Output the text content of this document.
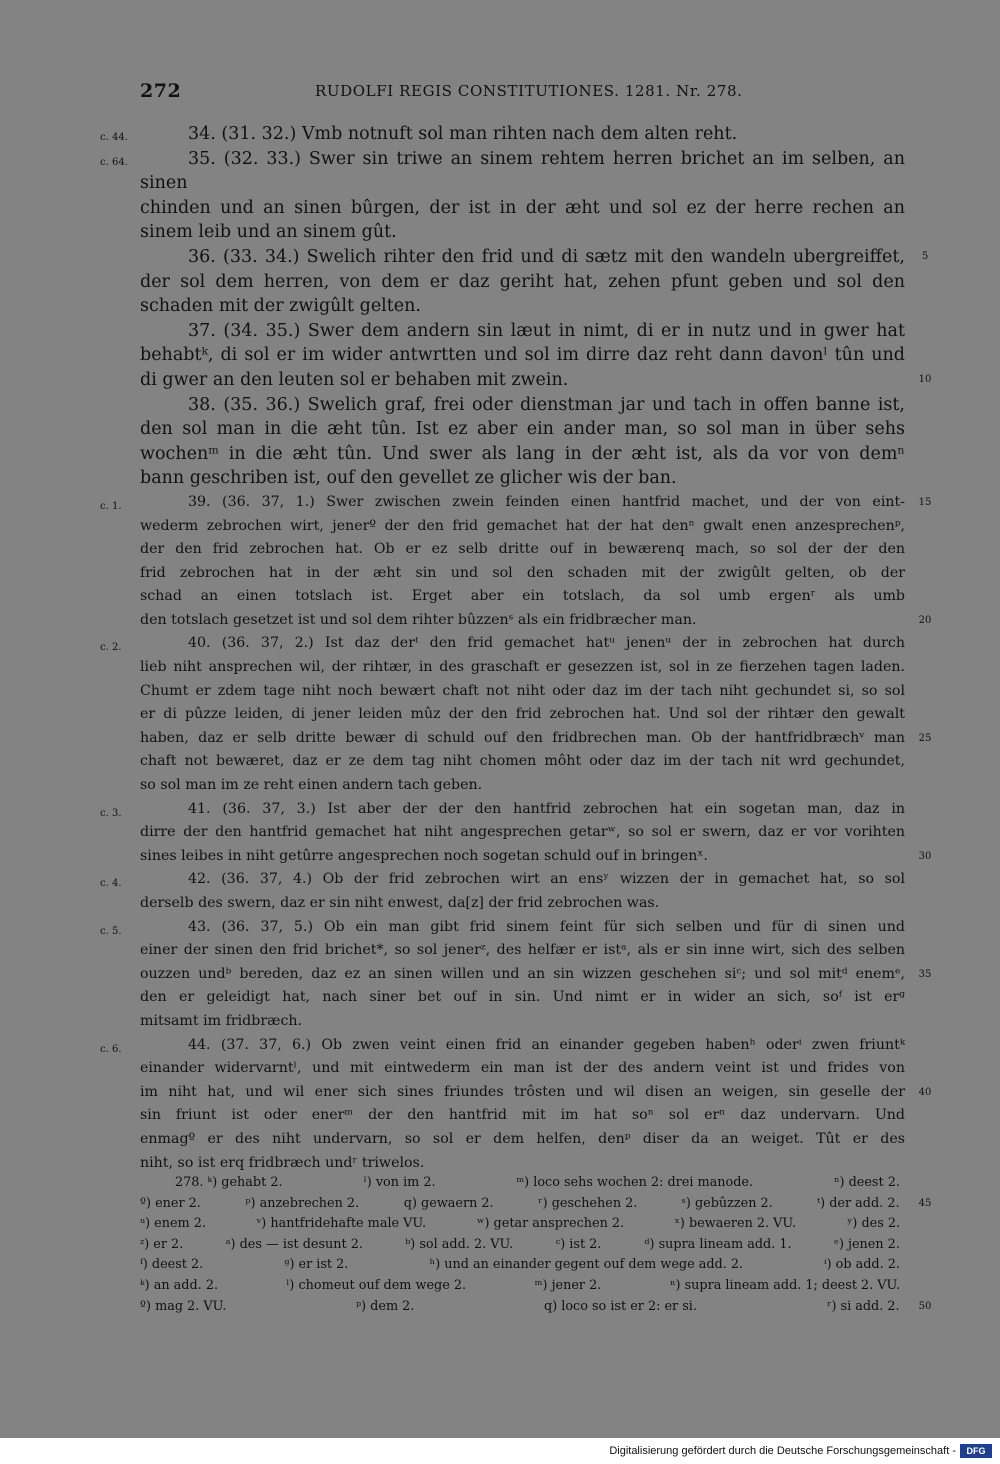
272	RUDOLFI REGIS CONSTITUTIONES. 1281. Nr. 278.
c. 44.	34. (31. 32.) Vmb notnuft sol man rihten nach dem alten reht.
c. 64.	35. (32. 33.) Swer sin triwe an sinem rehtem herren brichet an im selben, an sinen
chinden und an sinen bûrgen, der ist in der æht und sol ez der herre rechen an
sinem leib und an sinem gût.
36. (33. 34.) Swelich rihter den frid und di sætz mit den wandeln ubergreiffet,
der sol dem herren, von dem er daz geriht hat, zehen pfunt geben und sol den
schaden mit der zwigûlt gelten.
37. (34. 35.) Swer dem andern sin læut in nimt, di er in nutz und in gwer hat
behabtᵏ, di sol er im wider antwrtten und sol im dirre daz reht dann davonˡ tûn und
di gwer an den leuten sol er behaben mit zwein.
38. (35. 36.) Swelich graf, frei oder dienstman jar und tach in offen banne ist,
den sol man in die æht tûn. Ist ez aber ein ander man, so sol man in über sehs
wochenᵐ in die æht tûn. Und swer als lang in der æht ist, als da vor von demⁿ
bann geschriben ist, ouf den gevellet ze glicher wis der ban.
c. 1.	39. (36. 37, 1.) Swer zwischen zwein feinden einen hantfrid machet, und der von eint-
wederm zebrochen wirt, jenerº der den frid gemachet hat der hat denⁿ gwalt enen anzesprechenᵖ,
der den frid zebrochen hat. Ob er ez selb dritte ouf in bewærenq mach, so sol der der den
frid zebrochen hat in der æht sin und sol den schaden mit der zwigûlt gelten, ob der
schad an einen totslach ist. Erget aber ein totslach, da sol umb ergenʳ als umb
den totslach gesetzet ist und sol dem rihter bûzzenˢ als ein fridbræcher man.
c. 2.	40. (36. 37, 2.) Ist daz derᵗ den frid gemachet hatᵘ jenenᵘ der in zebrochen hat durch
lieb niht ansprechen wil, der rihtær, in des graschaft er gesezzen ist, sol in ze fierzehen tagen laden.
Chumt er zdem tage niht noch bewært chaft not niht oder daz im der tach niht gechundet si, so sol
er di pûzze leiden, di jener leiden mûz der den frid zebrochen hat. Und sol der rihtær den gewalt
haben, daz er selb dritte bewær di schuld ouf den fridbrechen man. Ob der hantfridbræchᵛ man
chaft not bewæret, daz er ze dem tag niht chomen môht oder daz im der tach nit wrd gechundet,
so sol man im ze reht einen andern tach geben.
c. 3.	41. (36. 37, 3.) Ist aber der der den hantfrid zebrochen hat ein sogetan man, daz in
dirre der den hantfrid gemachet hat niht angesprechen getarʷ, so sol er swern, daz er vor vorihten
sines leibes in niht getûrre angesprechen noch sogetan schuld ouf in bringenˣ.
c. 4.	42. (36. 37, 4.) Ob der frid zebrochen wirt an ensʸ wizzen der in gemachet hat, so sol
derselb des swern, daz er sin niht enwest, da[z] der frid zebrochen was.
c. 5.	43. (36. 37, 5.) Ob ein man gibt frid sinem feint für sich selben und für di sinen und
einer der sinen den frid brichet*, so sol jenerᶻ, des helfær er istᵃ, als er sin inne wirt, sich des selben
ouzzen undᵇ bereden, daz ez an sinen willen und an sin wizzen geschehen siᶜ; und sol mitᵈ enemᵉ,
den er geleidigt hat, nach siner bet ouf in sin. Und nimt er in wider an sich, soᶠ ist erᵍ
mitsamt im fridbræch.
c. 6.	44. (37. 37, 6.) Ob zwen veint einen frid an einander gegeben habenʰ oderⁱ zwen friuntᵏ
einander widervarntˡ, und mit eintwederm ein man ist der des andern veint ist und frides von
im niht hat, und wil ener sich sines friundes trôsten und wil disen an weigen, sin geselle der
sin friunt ist oder enerᵐ der den hantfrid mit im hat soⁿ sol erⁿ daz undervarn. Und
enmagº er des niht undervarn, so sol er dem helfen, denᵖ diser da an weiget. Tût er des
niht, so ist erq fridbræch undʳ triwelos.
5
10
15
20
25
30
35
40
45
50
278. ᵏ) gehabt 2.	ˡ) von im 2.	ᵐ) loco sehs wochen 2: drei manode.	ⁿ) deest 2.
º) ener 2.	ᵖ) anzebrechen 2.	q) gewaern 2.	ʳ) geschehen 2.	ˢ) gebûzzen 2.	ᵗ) der add. 2.
ᵘ) enem 2.	ᵛ) hantfridehafte male VU.	ʷ) getar ansprechen 2.	ˣ) bewaeren 2. VU.	ʸ) des 2.
ᶻ) er 2.	ᵃ) des — ist desunt 2.	ᵇ) sol add. 2. VU.	ᶜ) ist 2.	ᵈ) supra lineam add. 1.	ᵉ) jenen 2.
ᶠ) deest 2.	ᵍ) er ist 2.	ʰ) und an einander gegent ouf dem wege add. 2.	ⁱ) ob add. 2.
ᵏ) an add. 2.	ˡ) chomeut ouf dem wege 2.	ᵐ) jener 2.	ⁿ) supra lineam add. 1; deest 2. VU.
º) mag 2. VU.	ᵖ) dem 2.	q) loco so ist er 2: er si.	ʳ) si add. 2.
Digitalisierung gefördert durch die Deutsche Forschungsgemeinschaft -	DFG
